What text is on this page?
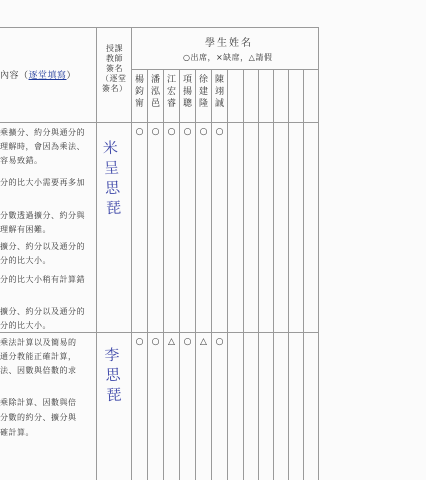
學生姓名
○出席，×缺席，△請假
內容（逐堂填寫）
授課
教師
簽名
（逐堂
簽名）
楊鈞甯
潘泓邑
江宏睿
項揚聰
徐建隆
陳翊誠
乘擴分、約分與通分的
理解時，會因為乘法、
容易致錯。
分的比大小需要再多加
分數透過擴分、約分與
理解有困難。
擴分、約分以及通分的
分的比大小。
分的比大小稍有計算錯
擴分、約分以及通分的
分的比大小。
米呈思琵
○ ○ ○ ○ ○ ○
乘法計算以及簡易的
通分教能正確計算，
法、因數與倍數的求
乘除計算、因數與倍
分數的約分、擴分與
確計算。
李思琵
○ ○ △ ○ △ ○
